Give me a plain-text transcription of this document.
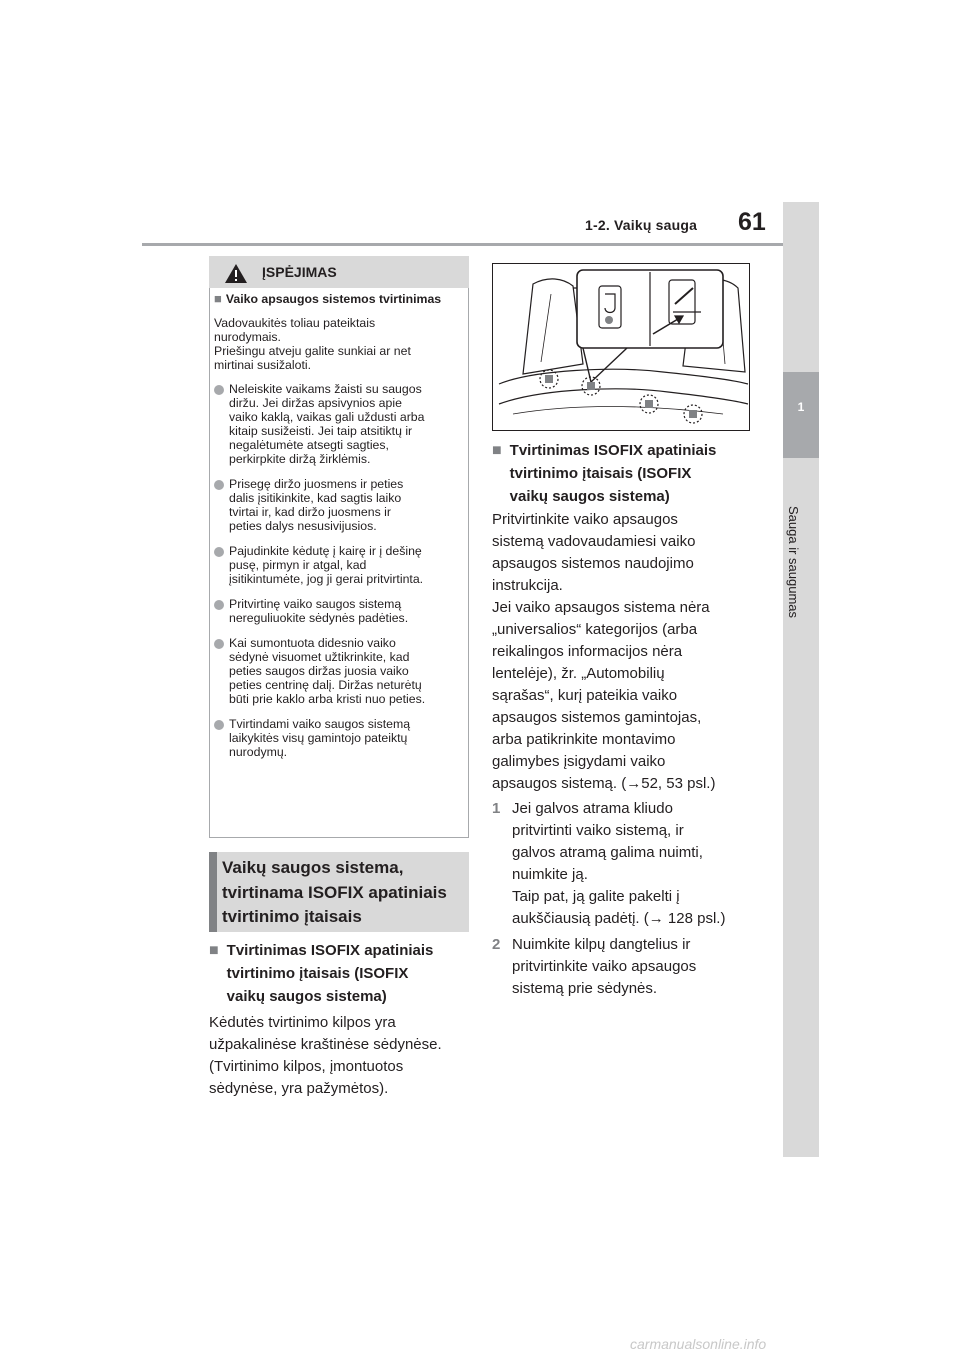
1-2. Vaikų sauga 61
1
Sauga ir saugumas
ĮSPĖJIMAS
■ Vaiko apsaugos sistemos tvirtinimas
Vadovaukitės toliau pateiktais
nurodymais.
Priešingu atveju galite sunkiai ar net
mirtinai susižaloti.
Neleiskite vaikams žaisti su saugos
diržu. Jei diržas apsivynios apie
vaiko kaklą, vaikas gali uždusti arba
kitaip susižeisti. Jei taip atsitiktų ir
negalėtumėte atsegti sagties,
perkirpkite diržą žirklėmis.
Prisegę diržo juosmens ir peties
dalis įsitikinkite, kad sagtis laiko
tvirtai ir, kad diržo juosmens ir
peties dalys nesusivijusios.
Pajudinkite kėdutę į kairę ir į dešinę
pusę, pirmyn ir atgal, kad
įsitikintumėte, jog ji gerai pritvirtinta.
Pritvirtinę vaiko saugos sistemą
nereguliuokite sėdynės padėties.
Kai sumontuota didesnio vaiko
sėdynė visuomet užtikrinkite, kad
peties saugos diržas juosia vaiko
peties centrinę dalį. Diržas neturėtų
būti prie kaklo arba kristi nuo peties.
Tvirtindami vaiko saugos sistemą
laikykitės visų gamintojo pateiktų
nurodymų.
Vaikų saugos sistema,
tvirtinama ISOFIX apatiniais
tvirtinimo įtaisais
■ Tvirtinimas ISOFIX apatiniais
tvirtinimo įtaisais (ISOFIX
vaikų saugos sistema)
Kėdutės tvirtinimo kilpos yra
užpakalinėse kraštinėse sėdynėse.
(Tvirtinimo kilpos, įmontuotos
sėdynėse, yra pažymėtos).
■ Tvirtinimas ISOFIX apatiniais
tvirtinimo įtaisais (ISOFIX
vaikų saugos sistema)
Pritvirtinkite vaiko apsaugos
sistemą vadovaudamiesi vaiko
apsaugos sistemos naudojimo
instrukcija.
Jei vaiko apsaugos sistema nėra
„universalios“ kategorijos (arba
reikalingos informacijos nėra
lentelėje), žr. „Automobilių
sąrašas“, kurį pateikia vaiko
apsaugos sistemos gamintojas,
arba patikrinkite montavimo
galimybes įsigydami vaiko
apsaugos sistemą. (→52, 53 psl.)
1 Jei galvos atrama kliudo
pritvirtinti vaiko sistemą, ir
galvos atramą galima nuimti,
nuimkite ją.
Taip pat, ją galite pakelti į
aukščiausią padėtį. (→ 128 psl.)
2 Nuimkite kilpų dangtelius ir
pritvirtinkite vaiko apsaugos
sistemą prie sėdynės.
carmanualsonline.info
